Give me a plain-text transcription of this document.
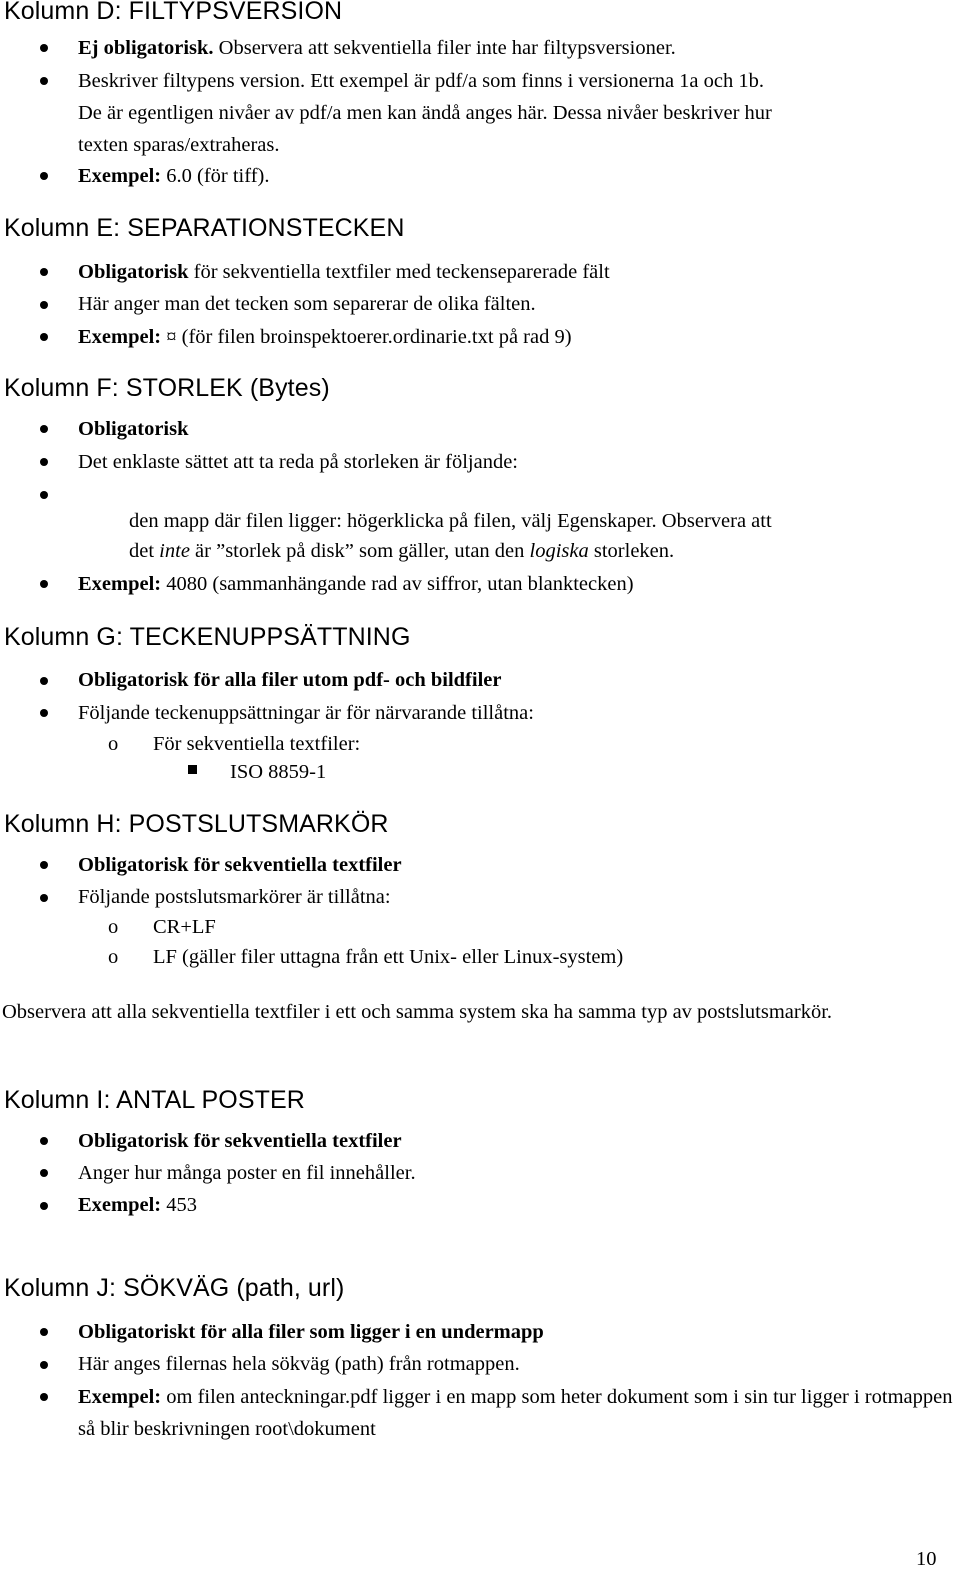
Kolumn D: FILTYPSVERSION

Ej obligatorisk. Observera att sekventiella filer inte har filtypsversioner.

Beskriver filtypens version. Ett exempel är pdf/a som finns i versionerna 1a och 1b.

De är egentligen nivåer av pdf/a men kan ändå anges här. Dessa nivåer beskriver hur

texten sparas/extraheras.

Exempel: 6.0 (för tiff).

Kolumn E: SEPARATIONSTECKEN

Obligatorisk för sekventiella textfiler med teckenseparerade fält

Här anger man det tecken som separerar de olika fälten.

Exempel: ¤ (för filen broinspektoerer.ordinarie.txt på rad 9)

Kolumn F: STORLEK (Bytes)

Obligatorisk

Det enklaste sättet att ta reda på storleken är följande:

den mapp där filen ligger: högerklicka på filen, välj Egenskaper. Observera att

det inte är ”storlek på disk” som gäller, utan den logiska storleken.

Exempel: 4080 (sammanhängande rad av siffror, utan blanktecken)

Kolumn G: TECKENUPPSÄTTNING

Obligatorisk för alla filer utom pdf- och bildfiler

Följande teckenuppsättningar är för närvarande tillåtna:

o För sekventiella textfiler:

ISO 8859-1

Kolumn H: POSTSLUTSMARKÖR

Obligatorisk för sekventiella textfiler

Följande postslutsmarkörer är tillåtna:

o CR+LF

o LF (gäller filer uttagna från ett Unix- eller Linux-system)

Observera att alla sekventiella textfiler i ett och samma system ska ha samma typ av postslutsmarkör.

Kolumn I: ANTAL POSTER

Obligatorisk för sekventiella textfiler

Anger hur många poster en fil innehåller.

Exempel: 453

Kolumn J: SÖKVÄG (path, url)

Obligatoriskt för alla filer som ligger i en undermapp

Här anges filernas hela sökväg (path) från rotmappen.

Exempel: om filen anteckningar.pdf ligger i en mapp som heter dokument som i sin tur ligger i rotmappen så blir beskrivningen root\dokument

10
